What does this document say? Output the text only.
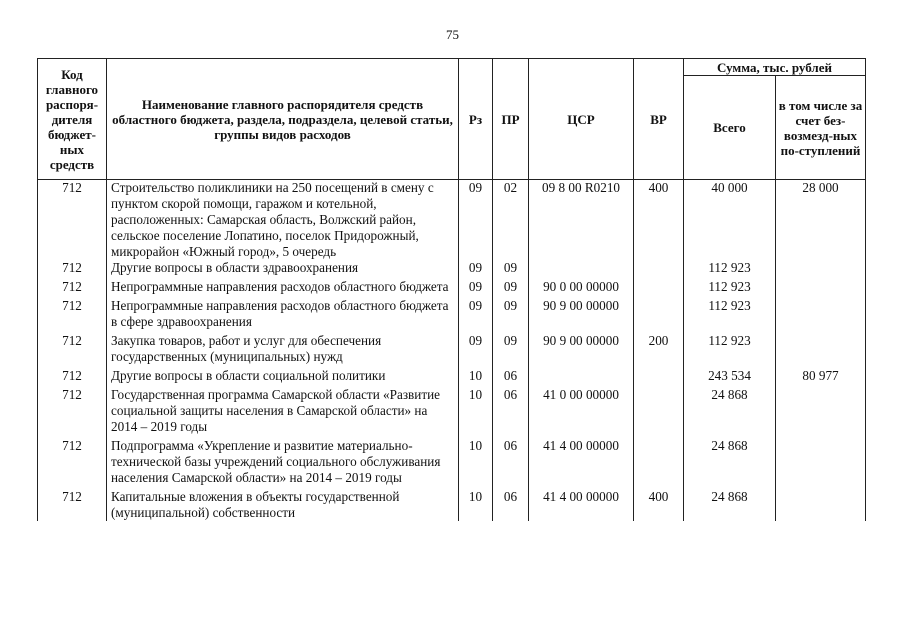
75
Код главного распоря-дителя бюджет-ных средств	Наименование главного распорядителя средств областного бюджета, раздела, подраздела, целевой статьи, группы видов расходов	Рз	ПР	ЦСР	ВР	Сумма, тыс. рублей	
						Всего	в том числе за счет без-возмезд-ных по-ступлений
712	Строительство поликлиники на 250 посещений в смену с пунктом скорой помощи, гаражом и котельной, расположенных: Самарская область, Волжский район, сельское поселение Лопатино, поселок Придорожный, микрорайон «Южный город», 5 очередь	09	02	09 8 00 R0210	400	40 000	28 000
712	Другие вопросы в области здравоохранения	09	09			112 923	
712	Непрограммные направления расходов областного бюджета	09	09	90 0 00 00000		112 923	
712	Непрограммные направления расходов областного бюджета в сфере здравоохранения	09	09	90 9 00 00000		112 923	
712	Закупка товаров, работ и услуг для обеспечения государственных (муниципальных) нужд	09	09	90 9 00 00000	200	112 923	
712	Другие вопросы в области социальной политики	10	06			243 534	80 977
712	Государственная программа Самарской области «Развитие социальной защиты населения в Самарской области» на 2014 – 2019 годы	10	06	41 0 00 00000		24 868	
712	Подпрограмма «Укрепление и развитие материально-технической базы учреждений социального обслуживания населения Самарской области» на 2014 – 2019 годы	10	06	41 4 00 00000		24 868	
712	Капитальные вложения в объекты государственной (муниципальной) собственности	10	06	41 4 00 00000	400	24 868	
